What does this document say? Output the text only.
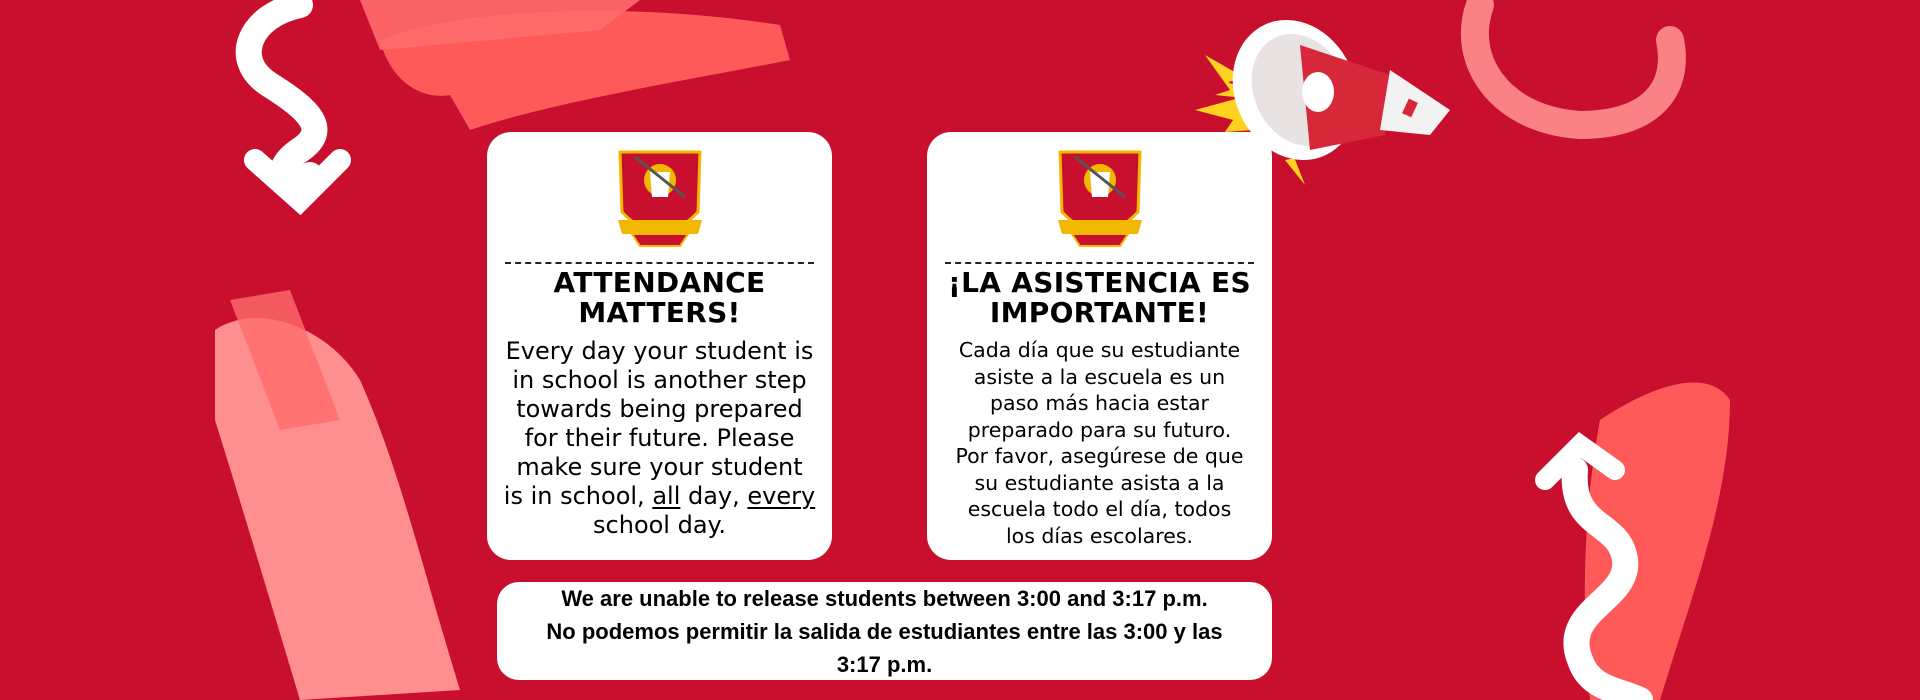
ATTENDANCE
MATTERS!

Every day your student is
in school is another step
towards being prepared
for their future. Please
make sure your student
is in school, all day, every
school day.

¡LA ASISTENCIA ES
IMPORTANTE!

Cada día que su estudiante
asiste a la escuela es un
paso más hacia estar
preparado para su futuro.
Por favor, asegúrese de que
su estudiante asista a la
escuela todo el día, todos
los días escolares.

We are unable to release students between 3:00 and 3:17 p.m.
No podemos permitir la salida de estudiantes entre las 3:00 y las
3:17 p.m.
